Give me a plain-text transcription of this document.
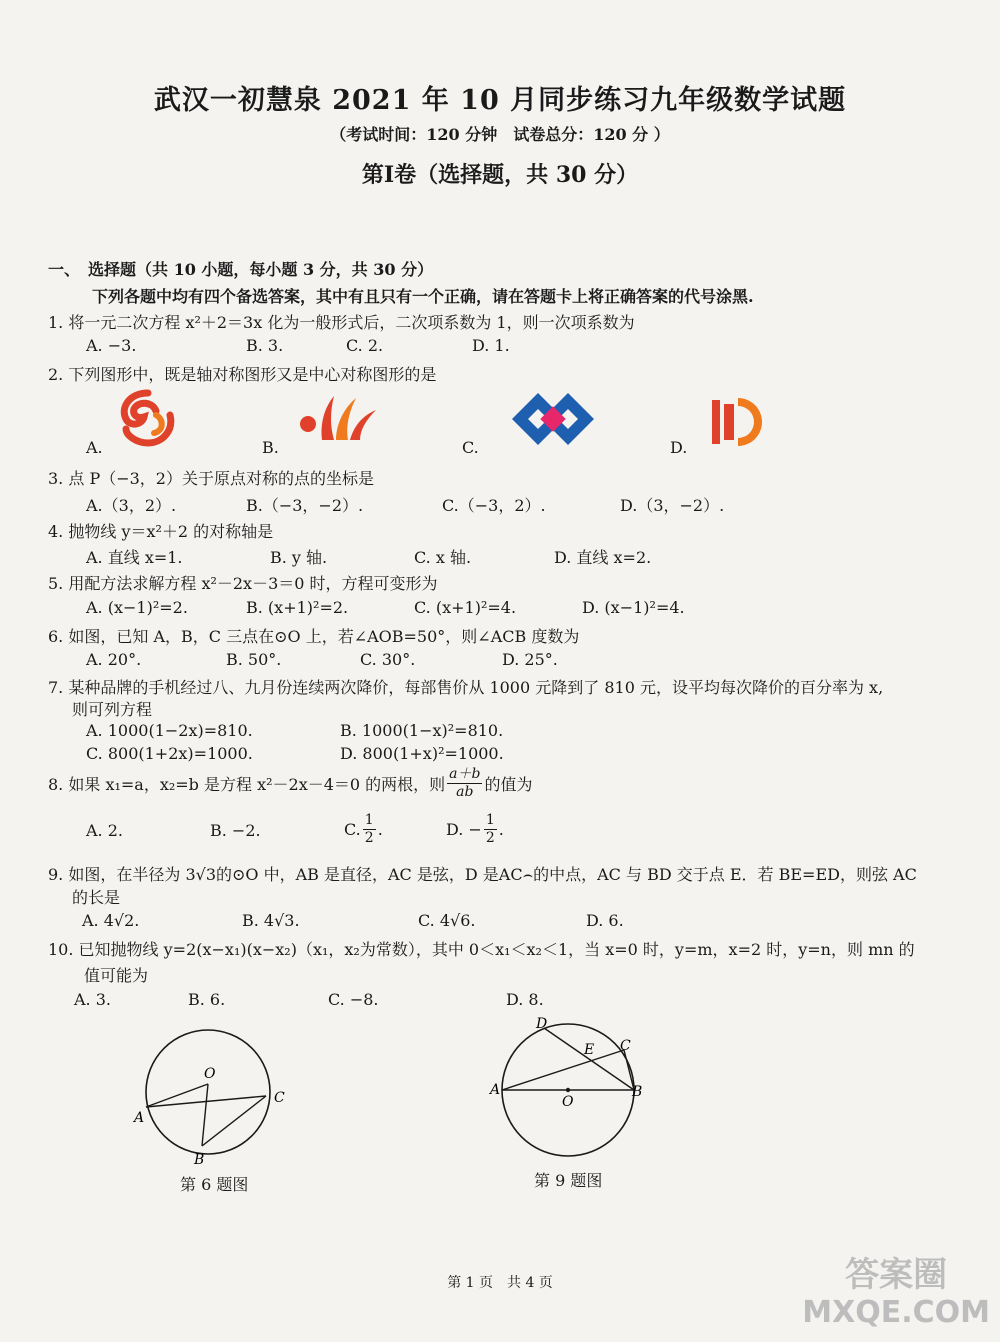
武汉一初慧泉 2021 年 10 月同步练习九年级数学试题
（考试时间：120 分钟　试卷总分：120 分 ）
第Ⅰ卷（选择题，共 30 分）
一、　选择题（共 10 小题，每小题 3 分，共 30 分）
下列各题中均有四个备选答案，其中有且只有一个正确，请在答题卡上将正确答案的代号涂黑.
1. 将一元二次方程 x²＋2＝3x 化为一般形式后，二次项系数为 1，则一次项系数为
A. −3.	B. 3.	C. 2.	D. 1.
2. 下列图形中，既是轴对称图形又是中心对称图形的是
A.	B.	C.	D.
3. 点 P（−3，2）关于原点对称的点的坐标是
A.（3，2）.	B.（−3，−2）.	C.（−3，2）.	D.（3，−2）.
4. 抛物线 y＝x²＋2 的对称轴是
A. 直线 x=1.	B. y 轴.	C. x 轴.	D. 直线 x=2.
5. 用配方法求解方程 x²－2x－3＝0 时，方程可变形为
A. (x−1)²=2.	B. (x+1)²=2.	C. (x+1)²=4.	D. (x−1)²=4.
6. 如图，已知 A，B，C 三点在⊙O 上，若∠AOB=50°，则∠ACB 度数为
A. 20°.	B. 50°.	C. 30°.	D. 25°.
7. 某种品牌的手机经过八、九月份连续两次降价，每部售价从 1000 元降到了 810 元，设平均每次降价的百分率为 x,
则可列方程
A. 1000(1−2x)=810.	B. 1000(1−x)²=810.
C. 800(1+2x)=1000.	D. 800(1+x)²=1000.
8. 如果 x₁=a，x₂=b 是方程 x²－2x－4＝0 的两根，则 $\frac{a+b}{ab}$ 的值为
A. 2.	B. −2.	C. $\frac{1}{2}$ .	D. − $\frac{1}{2}$ .
9. 如图，在半径为 3√3的⊙O 中，AB 是直径，AC 是弦，D 是AC⌢的中点，AC 与 BD 交于点 E．若 BE=ED，则弦 AC
的长是
A. 4√2.	B. 4√3.	C. 4√6.	D. 6.
10. 已知抛物线 y=2(x−x₁)(x−x₂)（x₁，x₂为常数），其中 0＜x₁＜x₂＜1，当 x=0 时，y=m，x=2 时，y=n，则 mn 的
值可能为
A. 3.	B. 6.	C. −8.	D. 8.
O
A
B
C
第 6 题图
D
E C
A
O
B
第 9 题图
第 1 页　共 4 页	答案圈
MXQE.COM
